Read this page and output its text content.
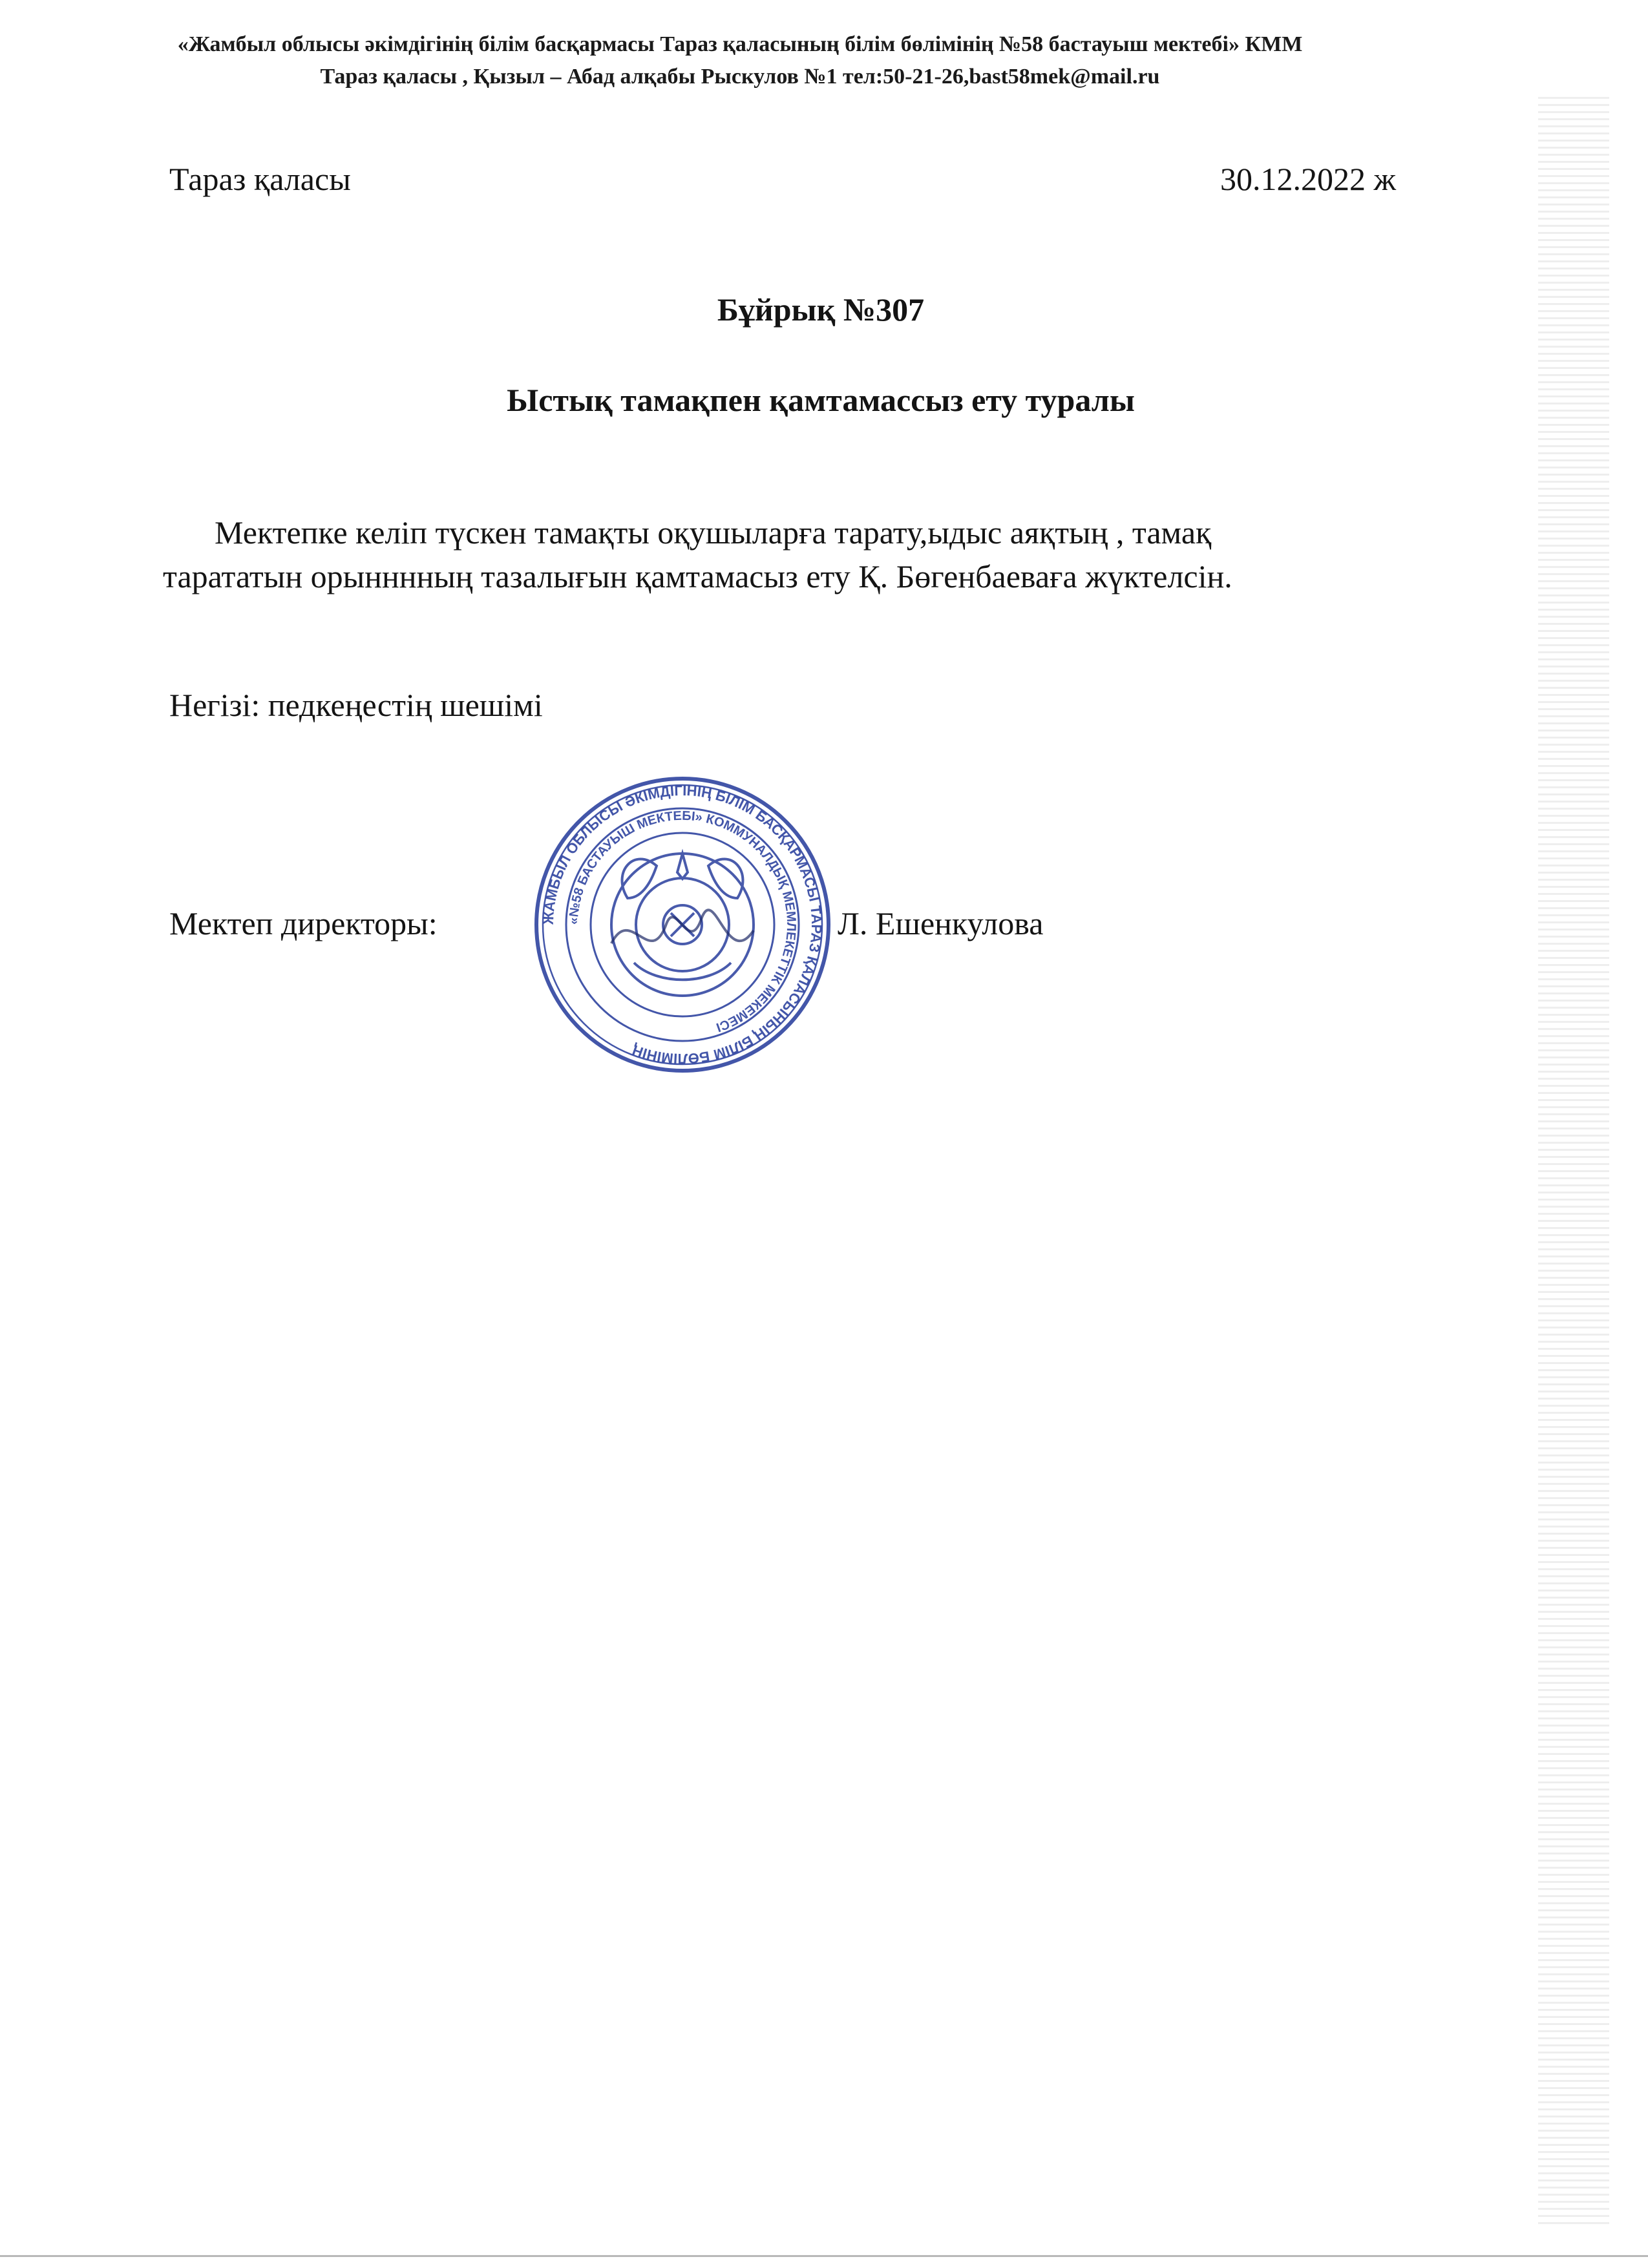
«Жамбыл облысы әкімдігінің білім басқармасы Тараз қаласының білім бөлімінің №58 бастауыш мектебі» КММ
Тараз қаласы , Қызыл – Абад алқабы Рыскулов №1 тел:50-21-26,bast58mek@mail.ru
Тараз қаласы	30.12.2022 ж
Бұйрық №307
Ыстық тамақпен қамтамассыз ету туралы
Мектепке келіп түскен тамақты оқушыларға тарату,ыдыс аяқтың , тамақ
тарататын орынннның тазалығын қамтамасыз ету Қ. Бөгенбаеваға жүктелсін.
Негізі: педкеңестің шешімі
Мектеп директоры:	ЖАМБЫЛ ОБЛЫСЫ ӘКІМДІГІНІҢ БІЛІМ БАСҚАРМАСЫ ТАРАЗ ҚАЛАСЫНЫҢ БІЛІМ БӨЛІМІНІҢ
«№58 БАСТАУЫШ МЕКТЕБІ» КОММУНАЛДЫҚ МЕМЛЕКЕТТІК МЕКЕМЕСІ
Л. Ешенкулова
